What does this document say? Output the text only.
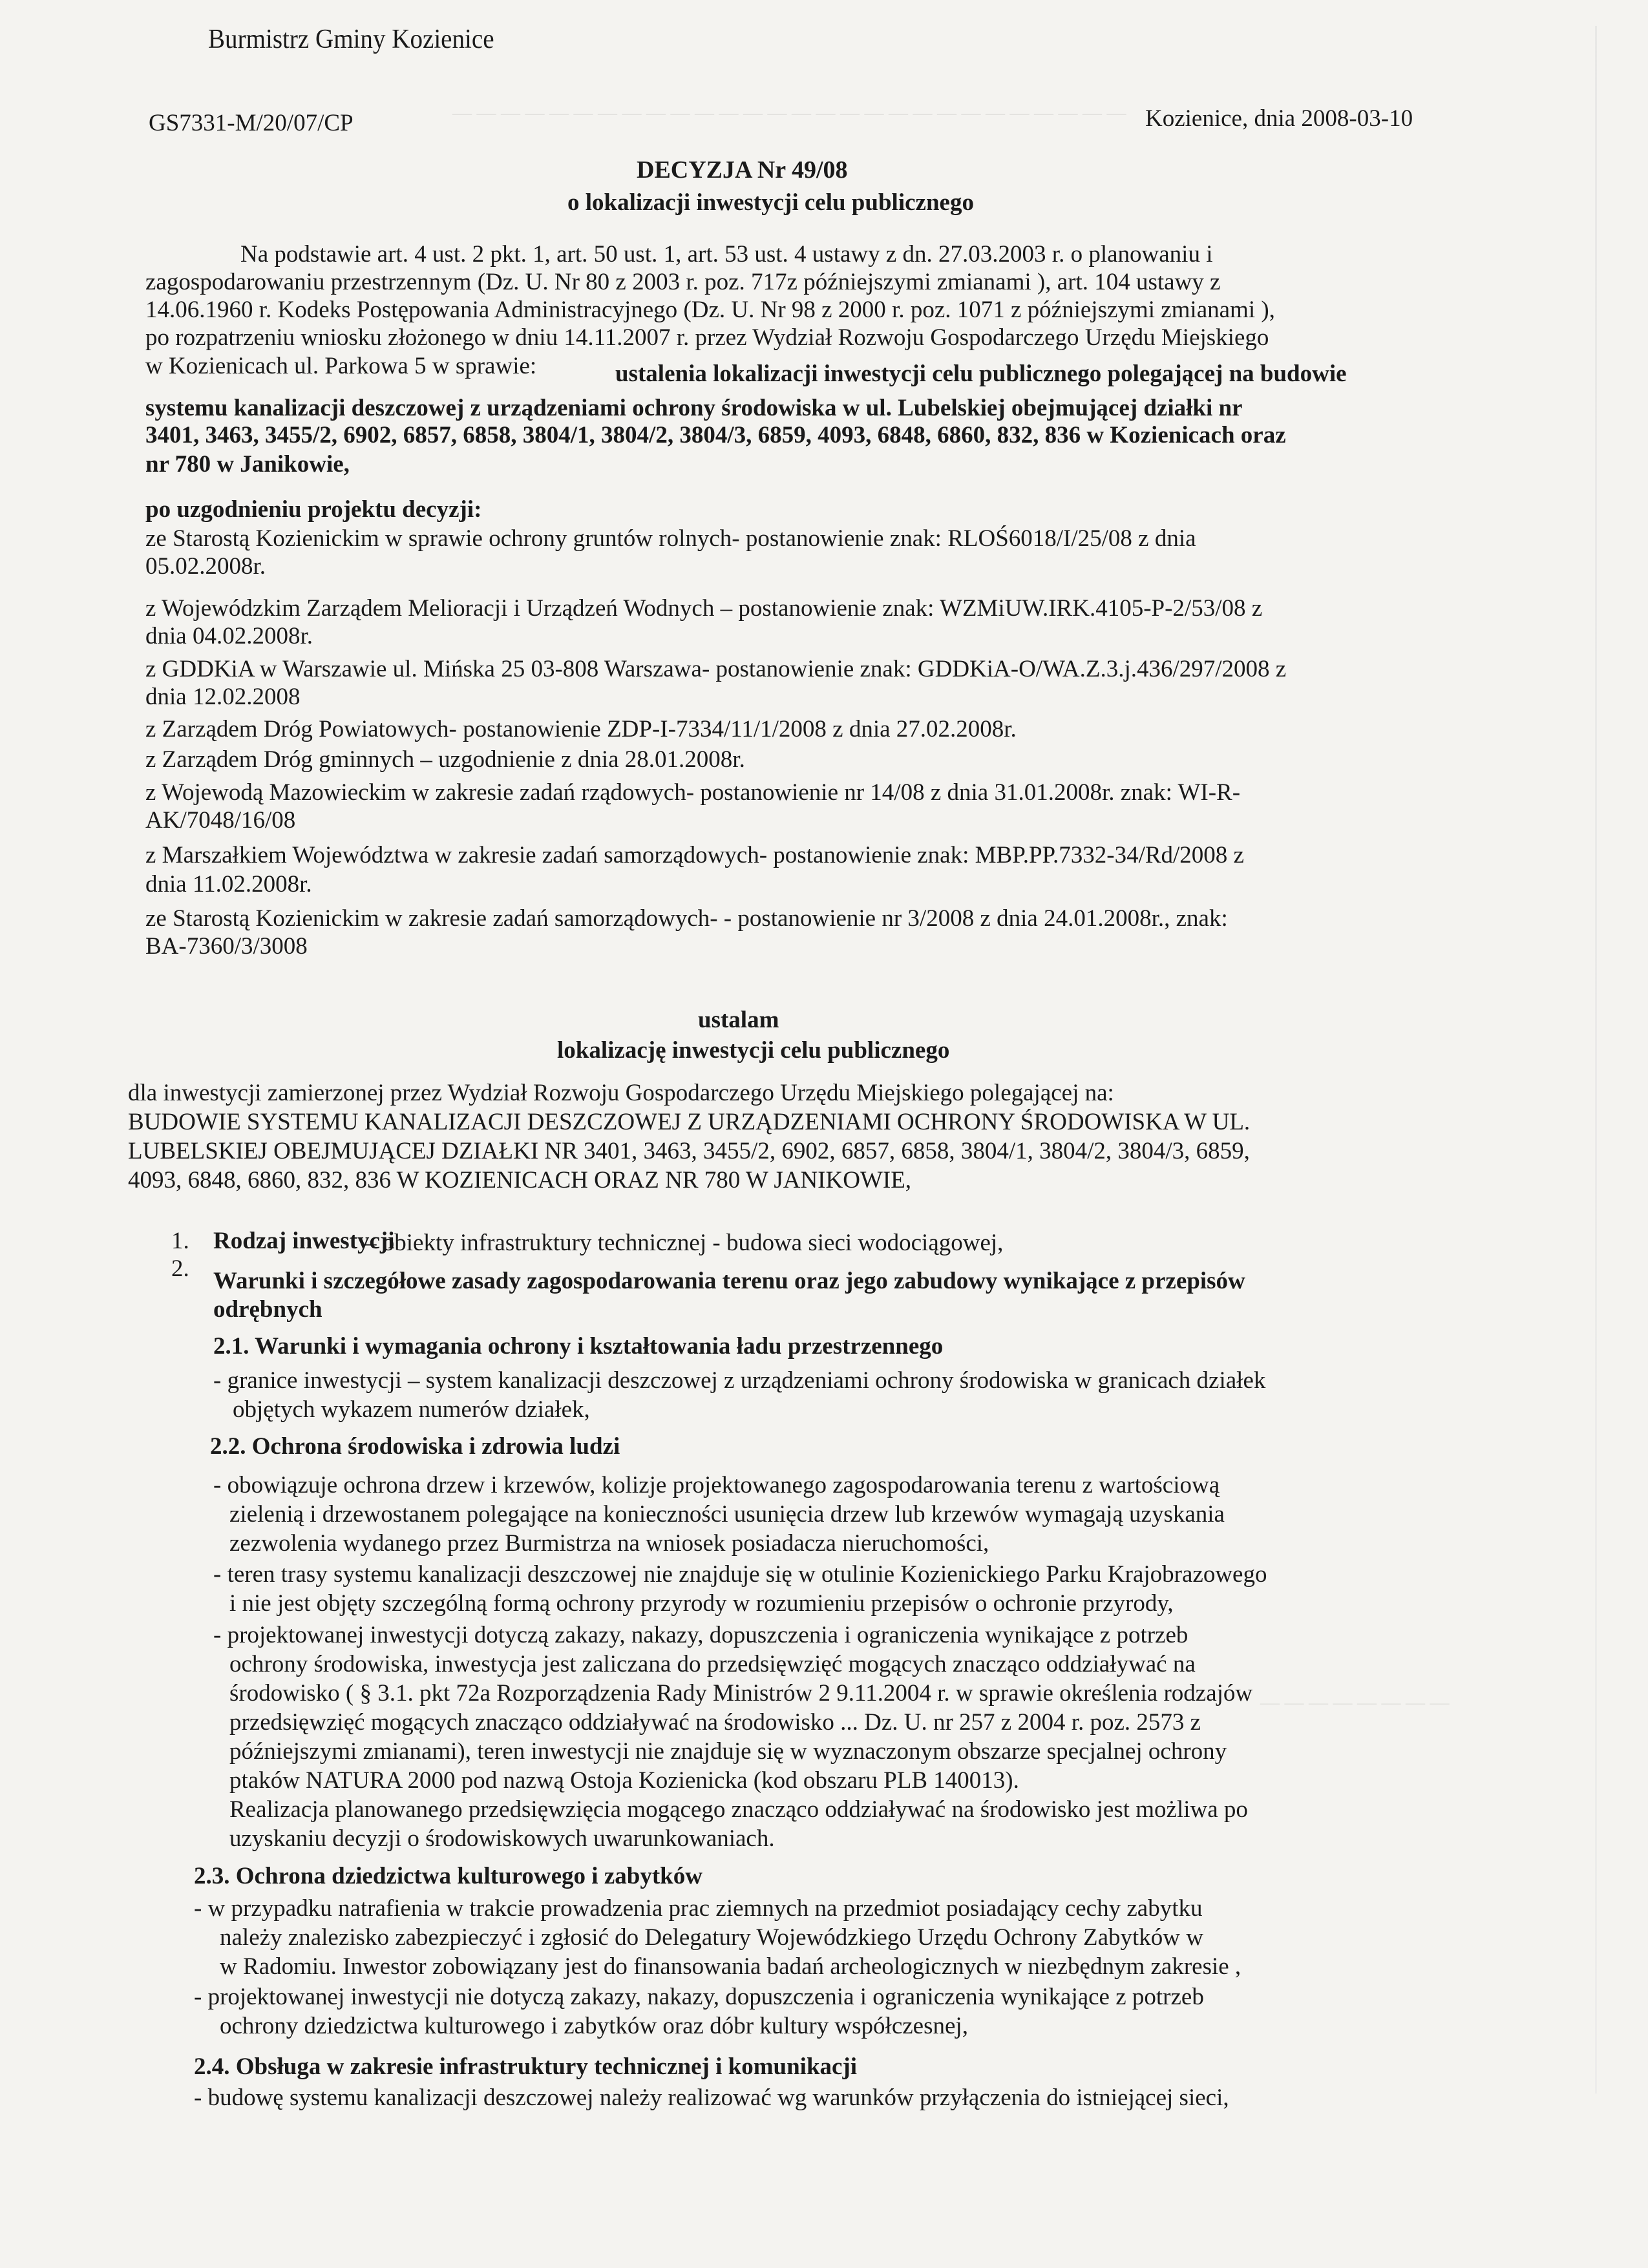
— — — — — — — — — — — — — — — — — — — — — — — — — — — —
— — — — — — — —
Burmistrz Gminy Kozienice
GS7331-M/20/07/CP	Kozienice, dnia 2008-03-10
DECYZJA Nr 49/08
o lokalizacji inwestycji celu publicznego
Na podstawie art. 4 ust. 2 pkt. 1, art. 50 ust. 1, art. 53 ust. 4 ustawy z dn. 27.03.2003 r. o planowaniu i
zagospodarowaniu przestrzennym (Dz. U. Nr 80 z 2003 r. poz. 717z późniejszymi zmianami ), art. 104 ustawy z
14.06.1960 r. Kodeks Postępowania Administracyjnego (Dz. U. Nr 98 z 2000 r. poz. 1071 z późniejszymi zmianami ),
po rozpatrzeniu wniosku złożonego w dniu 14.11.2007 r. przez Wydział Rozwoju Gospodarczego Urzędu Miejskiego
w Kozienicach ul. Parkowa 5 w sprawie:	ustalenia lokalizacji inwestycji celu publicznego polegającej na budowie
systemu kanalizacji deszczowej z urządzeniami ochrony środowiska w ul. Lubelskiej obejmującej działki nr
3401, 3463, 3455/2, 6902, 6857, 6858, 3804/1, 3804/2, 3804/3, 6859, 4093, 6848, 6860, 832, 836 w Kozienicach oraz
nr 780 w Janikowie,
po uzgodnieniu projektu decyzji:
ze Starostą Kozienickim w sprawie ochrony gruntów rolnych- postanowienie znak: RLOŚ6018/I/25/08 z dnia
05.02.2008r.
z Wojewódzkim Zarządem Melioracji i Urządzeń Wodnych – postanowienie znak: WZMiUW.IRK.4105-P-2/53/08 z
dnia 04.02.2008r.
z GDDKiA w Warszawie ul. Mińska 25 03-808 Warszawa- postanowienie znak: GDDKiA-O/WA.Z.3.j.436/297/2008 z
dnia 12.02.2008
z Zarządem Dróg Powiatowych- postanowienie ZDP-I-7334/11/1/2008 z dnia 27.02.2008r.
z Zarządem Dróg gminnych – uzgodnienie z dnia 28.01.2008r.
z Wojewodą Mazowieckim w zakresie zadań rządowych- postanowienie nr 14/08 z dnia 31.01.2008r. znak: WI-R-
AK/7048/16/08
z Marszałkiem Województwa w zakresie zadań samorządowych- postanowienie znak: MBP.PP.7332-34/Rd/2008 z
dnia 11.02.2008r.
ze Starostą Kozienickim w zakresie zadań samorządowych- - postanowienie nr 3/2008 z dnia 24.01.2008r., znak:
BA-7360/3/3008
ustalam
lokalizację inwestycji celu publicznego
dla inwestycji zamierzonej przez Wydział Rozwoju Gospodarczego Urzędu Miejskiego polegającej na:
BUDOWIE SYSTEMU KANALIZACJI DESZCZOWEJ Z URZĄDZENIAMI OCHRONY ŚRODOWISKA W UL.
LUBELSKIEJ OBEJMUJĄCEJ DZIAŁKI NR 3401, 3463, 3455/2, 6902, 6857, 6858, 3804/1, 3804/2, 3804/3, 6859,
4093, 6848, 6860, 832, 836 W KOZIENICACH ORAZ NR 780 W JANIKOWIE,
1. Rodzaj inwestycji
– obiekty infrastruktury technicznej - budowa sieci wodociągowej,
2. Warunki i szczegółowe zasady zagospodarowania terenu oraz jego zabudowy wynikające z przepisów
odrębnych
2.1. Warunki i wymagania ochrony i kształtowania ładu przestrzennego
- granice inwestycji – system kanalizacji deszczowej z urządzeniami ochrony środowiska w granicach działek
objętych wykazem numerów działek,
2.2. Ochrona środowiska i zdrowia ludzi
- obowiązuje ochrona drzew i krzewów, kolizje projektowanego zagospodarowania terenu z wartościową
zielenią i drzewostanem polegające na konieczności usunięcia drzew lub krzewów wymagają uzyskania
zezwolenia wydanego przez Burmistrza na wniosek posiadacza nieruchomości,
- teren trasy systemu kanalizacji deszczowej nie znajduje się w otulinie Kozienickiego Parku Krajobrazowego
i nie jest objęty szczególną formą ochrony przyrody w rozumieniu przepisów o ochronie przyrody,
- projektowanej inwestycji dotyczą zakazy, nakazy, dopuszczenia i ograniczenia wynikające z potrzeb
ochrony środowiska, inwestycja jest zaliczana do przedsięwzięć mogących znacząco oddziaływać na
środowisko ( § 3.1. pkt 72a Rozporządzenia Rady Ministrów 2 9.11.2004 r. w sprawie określenia rodzajów
przedsięwzięć mogących znacząco oddziaływać na środowisko ... Dz. U. nr 257 z 2004 r. poz. 2573 z
późniejszymi zmianami), teren inwestycji nie znajduje się w wyznaczonym obszarze specjalnej ochrony
ptaków NATURA 2000 pod nazwą Ostoja Kozienicka (kod obszaru PLB 140013).
Realizacja planowanego przedsięwzięcia mogącego znacząco oddziaływać na środowisko jest możliwa po
uzyskaniu decyzji o środowiskowych uwarunkowaniach.
2.3. Ochrona dziedzictwa kulturowego i zabytków
- w przypadku natrafienia w trakcie prowadzenia prac ziemnych na przedmiot posiadający cechy zabytku
należy znalezisko zabezpieczyć i zgłosić do Delegatury Wojewódzkiego Urzędu Ochrony Zabytków w
w Radomiu. Inwestor zobowiązany jest do finansowania badań archeologicznych w niezbędnym zakresie ,
- projektowanej inwestycji nie dotyczą zakazy, nakazy, dopuszczenia i ograniczenia wynikające z potrzeb
ochrony dziedzictwa kulturowego i zabytków oraz dóbr kultury współczesnej,
2.4. Obsługa w zakresie infrastruktury technicznej i komunikacji
- budowę systemu kanalizacji deszczowej należy realizować wg warunków przyłączenia do istniejącej sieci,
